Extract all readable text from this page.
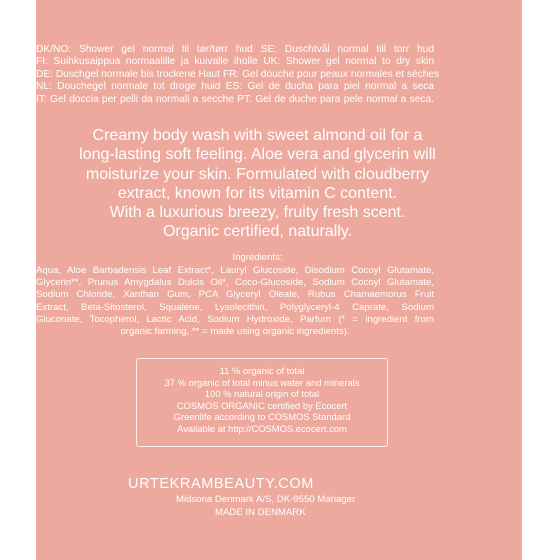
DK/NO: Shower gel normal til tør/tørr hud SE: Duschtvål normal till torr hud
FI: Suihkusaippua normaalille ja kuivalle iholle UK: Shower gel normal to dry skin
DE: Duschgel normale bis trockene Haut FR: Gel douche pour peaux normales et sèches
NL: Douchegel normale tot droge huid ES: Gel de ducha para piel normal a seca
IT: Gel doccia per pelli da normali a secche PT: Gel de duche para pele normal a seca.
Creamy body wash with sweet almond oil for a
long-lasting soft feeling. Aloe vera and glycerin will
moisturize your skin. Formulated with cloudberry
extract, known for its vitamin C content.
With a luxurious breezy, fruity fresh scent.
Organic certified, naturally.
Ingredients:
Aqua, Aloe Barbadensis Leaf Extract*, Lauryl Glucoside, Disodium Cocoyl Glutamate,
Glycerin**, Prunus Amygdalus Dulcis Oil*, Coco-Glucoside, Sodium Cocoyl Glutamate,
Sodium Chloride, Xanthan Gum, PCA Glyceryl Oleate, Rubus Chamaemorus Fruit
Extract, Beta-Sitosterol, Squalene, Lysolecithin, Polyglyceryl-4 Caprate, Sodium
Gluconate, Tocopherol, Lactic Acid, Sodium Hydroxide, Parfum (* = ingredient from
organic farming, ** = made using organic ingredients).
11 % organic of total
37 % organic of total minus water and minerals
100 % natural origin of total
COSMOS ORGANIC certified by Ecocert
Greenlife according to COSMOS Standard
Available at http://COSMOS.ecocert.com
URTEKRAMBEAUTY.COM
Midsona Denmark A/S, DK-9550 Mariager
MADE IN DENMARK
